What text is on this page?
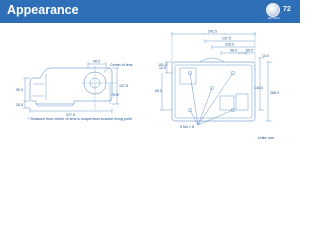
Appearance
EPSON
72
40.5
Center of lens
90.0
20.5
137.5
75.5*
227.5
* Distance from center of lens to suspension bracket fixing point
242.5
137.5
126.0
98.5	55.5
14.0
144.0
256.0
12.5
80.0
101.5
5 M4 × 8
Units: mm
